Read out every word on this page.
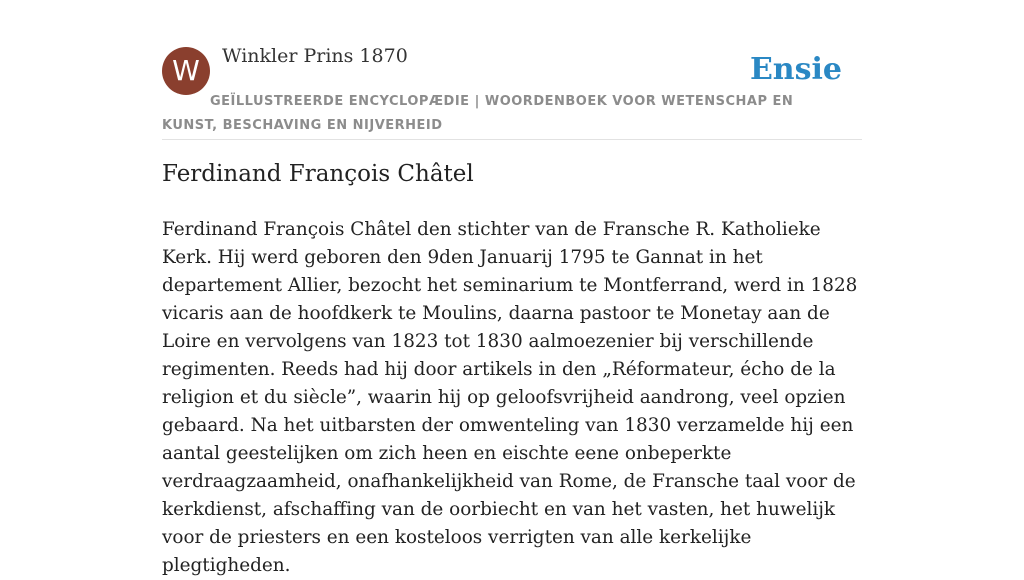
W Winkler Prins 1870	Ensie
GEÏLLUSTREERDE ENCYCLOPÆDIE | WOORDENBOEK VOOR WETENSCHAP EN KUNST, BESCHAVING EN NIJVERHEID
Ferdinand François Châtel

Ferdinand François Châtel den stichter van de Fransche R. Katholieke Kerk. Hij werd geboren den 9den Januarij 1795 te Gannat in het departement Allier, bezocht het seminarium te Montferrand, werd in 1828 vicaris aan de hoofdkerk te Moulins, daarna pastoor te Monetay aan de Loire en vervolgens van 1823 tot 1830 aalmoezenier bij verschillende regimenten. Reeds had hij door artikels in den „Réformateur, écho de la religion et du siècle”, waarin hij op geloofsvrijheid aandrong, veel opzien gebaard. Na het uitbarsten der omwenteling van 1830 verzamelde hij een aantal geestelijken om zich heen en eischte eene onbeperkte verdraagzaamheid, onafhankelijkheid van Rome, de Fransche taal voor de kerkdienst, afschaffing van de oorbiecht en van het vasten, het huwelijk voor de priesters en een kosteloos verrigten van alle kerkelijke plegtigheden.
